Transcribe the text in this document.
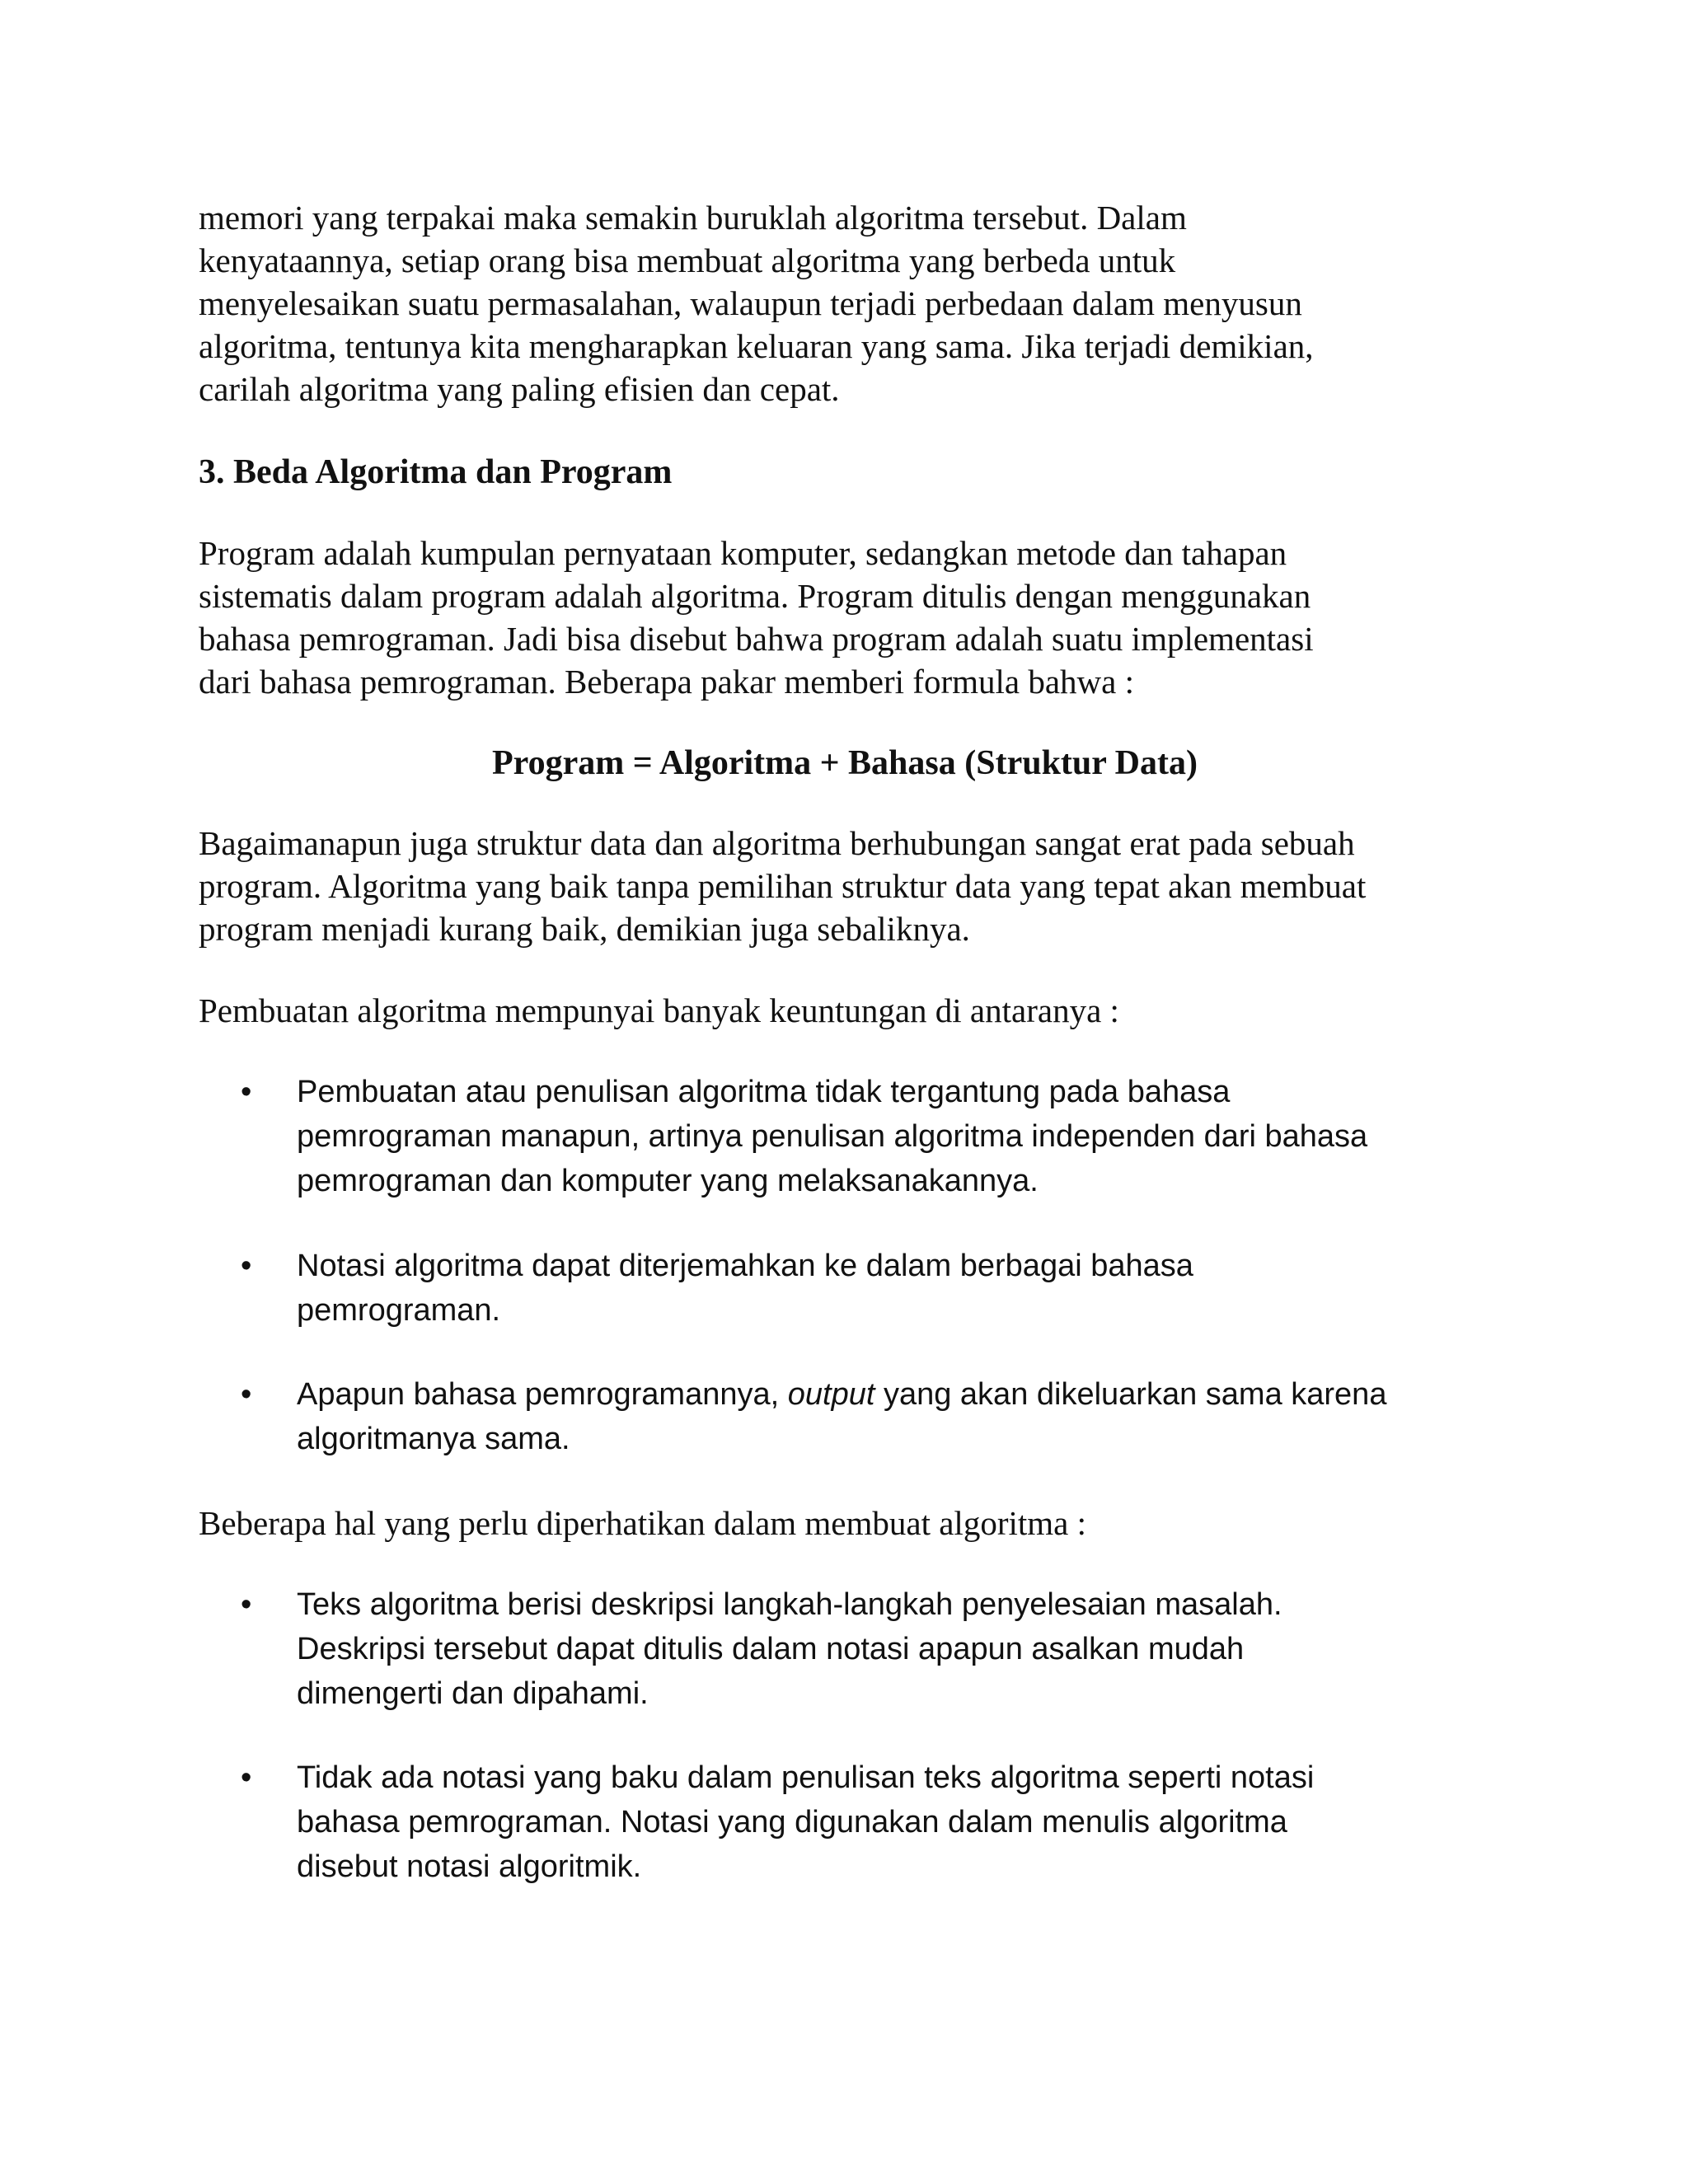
memori yang terpakai maka semakin buruklah algoritma tersebut. Dalam
kenyataannya, setiap orang bisa membuat algoritma yang berbeda untuk
menyelesaikan suatu permasalahan, walaupun terjadi perbedaan dalam menyusun
algoritma, tentunya kita mengharapkan keluaran yang sama. Jika terjadi demikian,
carilah algoritma yang paling efisien dan cepat.
3. Beda Algoritma dan Program
Program adalah kumpulan pernyataan komputer, sedangkan metode dan tahapan
sistematis dalam program adalah algoritma. Program ditulis dengan menggunakan
bahasa pemrograman. Jadi bisa disebut bahwa program adalah suatu implementasi
dari bahasa pemrograman. Beberapa pakar memberi formula bahwa :
Program = Algoritma + Bahasa (Struktur Data)
Bagaimanapun juga struktur data dan algoritma berhubungan sangat erat pada sebuah
program. Algoritma yang baik tanpa pemilihan struktur data yang tepat akan membuat
program menjadi kurang baik, demikian juga sebaliknya.
Pembuatan algoritma mempunyai banyak keuntungan di antaranya :
•	Pembuatan atau penulisan algoritma tidak tergantung pada bahasa
pemrograman manapun, artinya penulisan algoritma independen dari bahasa
pemrograman dan komputer yang melaksanakannya.
•	Notasi algoritma dapat diterjemahkan ke dalam berbagai bahasa
pemrograman.
•	Apapun bahasa pemrogramannya, output yang akan dikeluarkan sama karena
algoritmanya sama.
Beberapa hal yang perlu diperhatikan dalam membuat algoritma :
•	Teks algoritma berisi deskripsi langkah-langkah penyelesaian masalah.
Deskripsi tersebut dapat ditulis dalam notasi apapun asalkan mudah
dimengerti dan dipahami.
•	Tidak ada notasi yang baku dalam penulisan teks algoritma seperti notasi
bahasa pemrograman. Notasi yang digunakan dalam menulis algoritma
disebut notasi algoritmik.
